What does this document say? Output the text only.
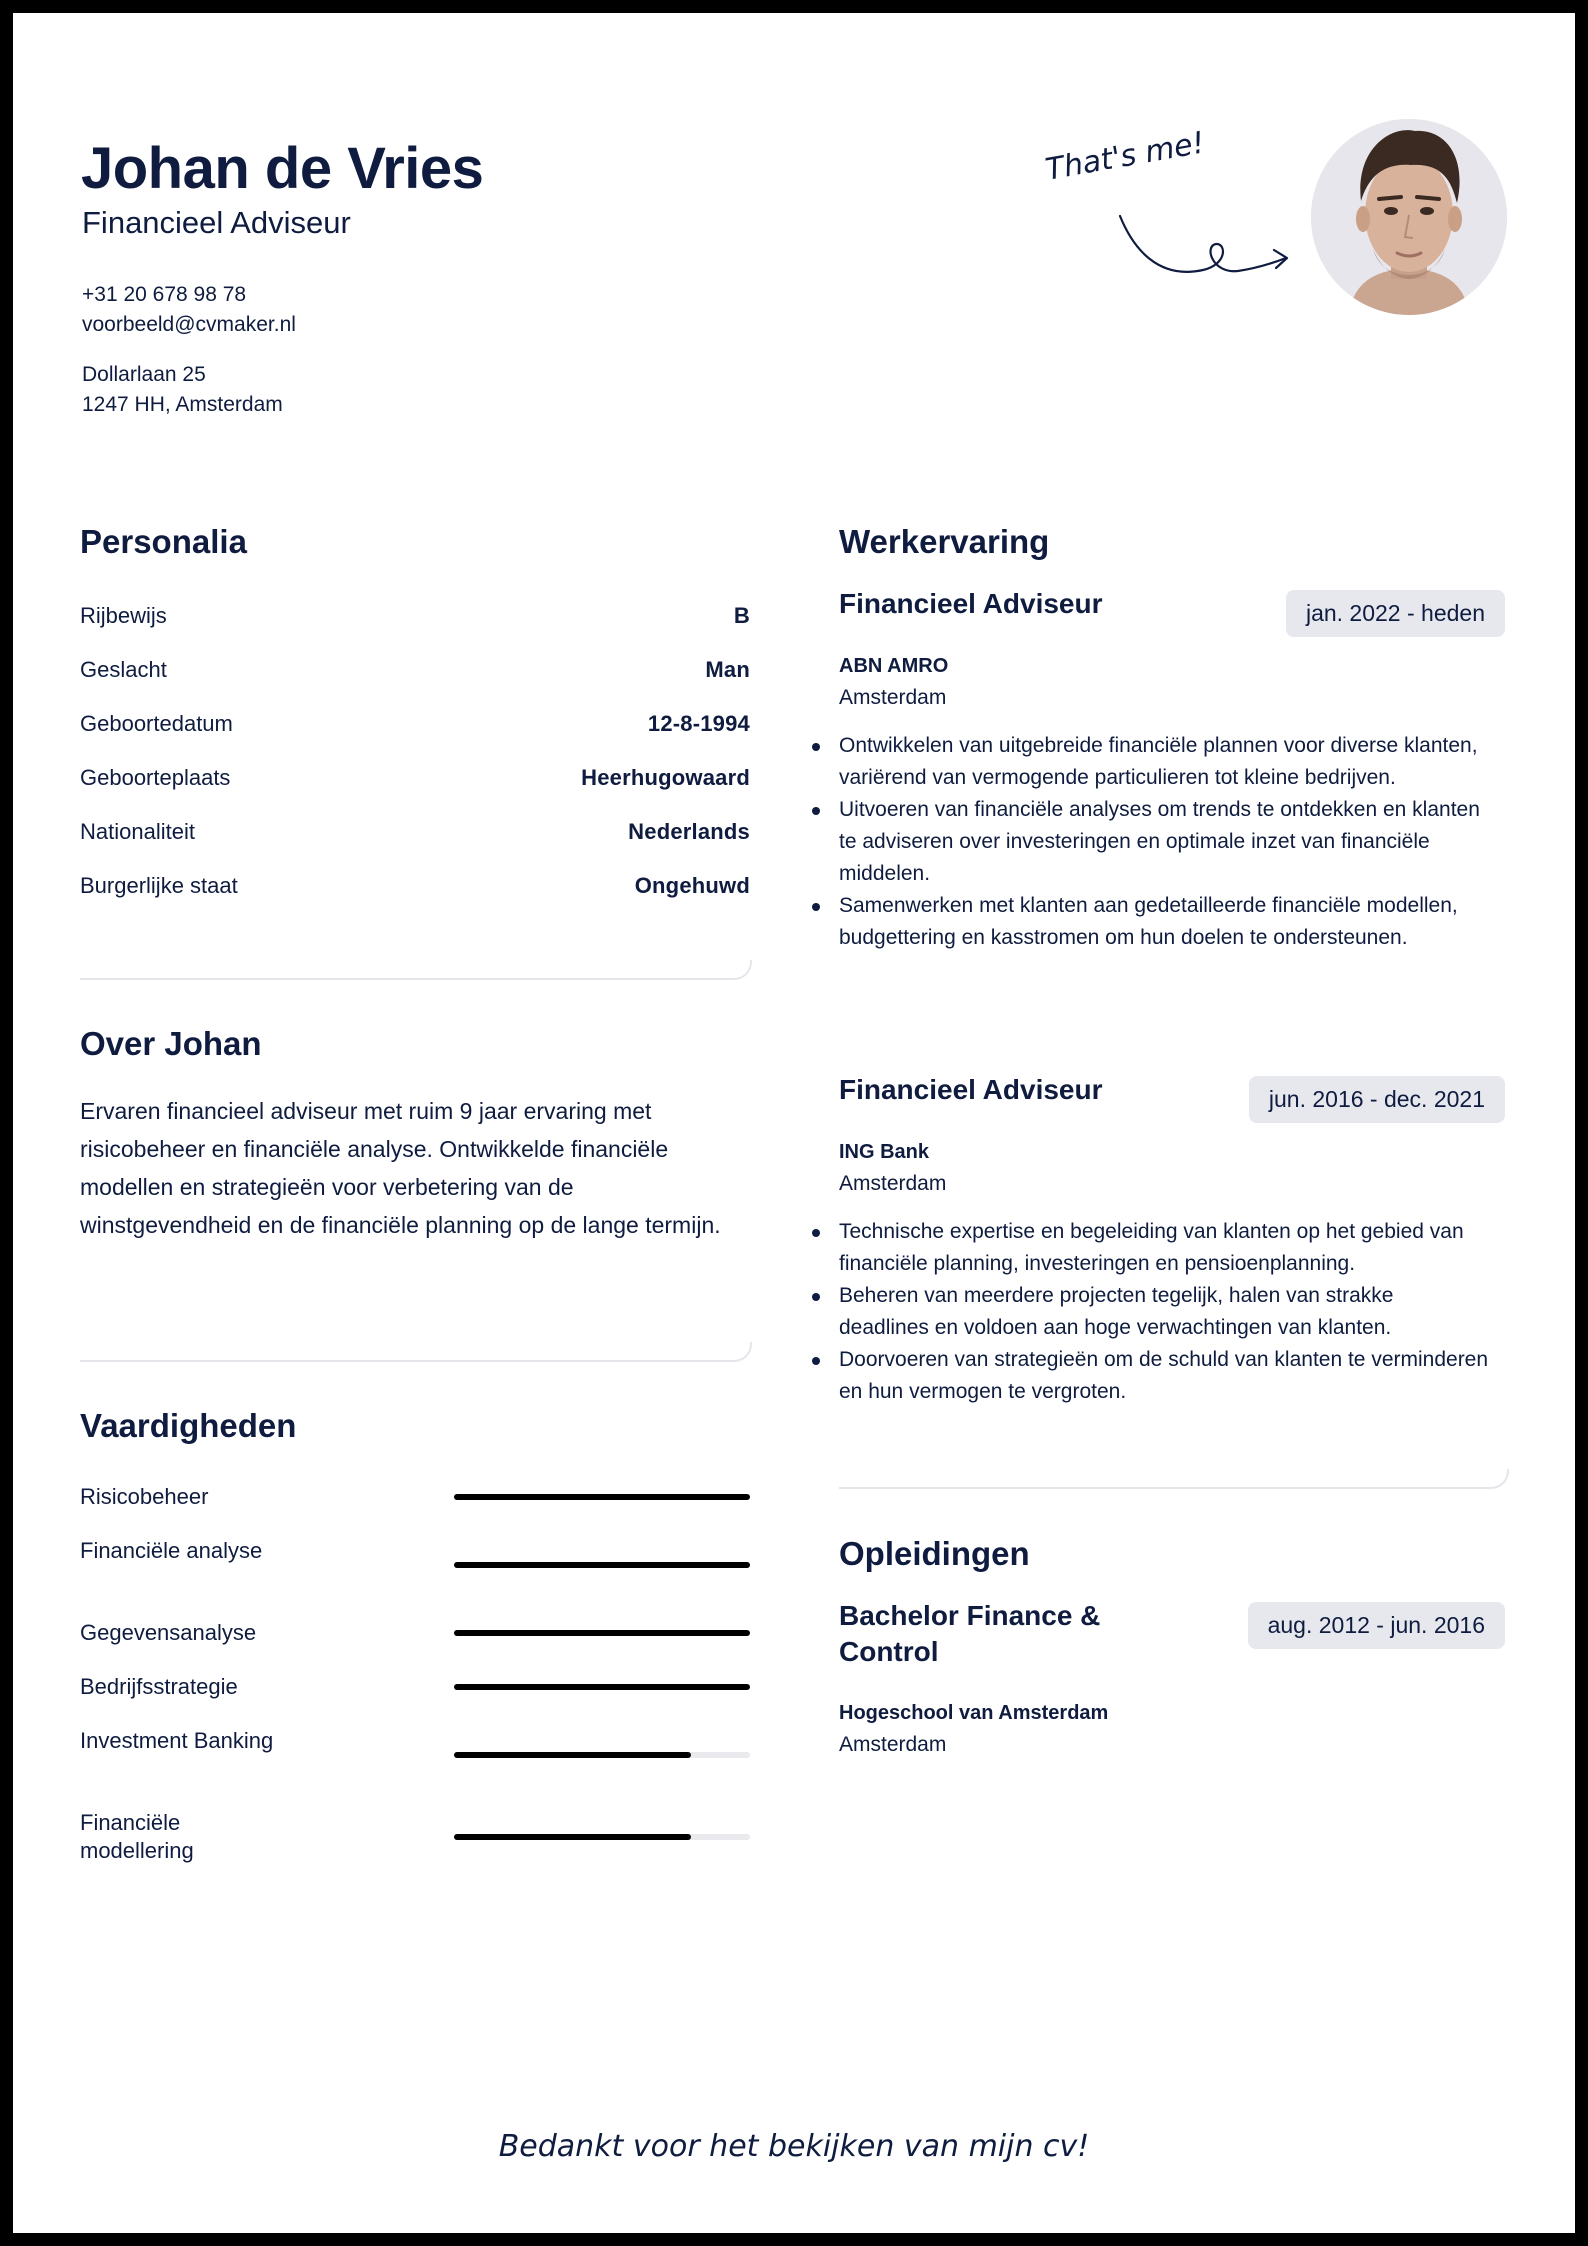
Johan de Vries
Financieel Adviseur
+31 20 678 98 78
voorbeeld@cvmaker.nl
Dollarlaan 25
1247 HH, Amsterdam
That's me!
Personalia
Rijbewijs	B
Geslacht	Man
Geboortedatum	12-8-1994
Geboorteplaats	Heerhugowaard
Nationaliteit	Nederlands
Burgerlijke staat	Ongehuwd
Over Johan
Ervaren financieel adviseur met ruim 9 jaar ervaring met risicobeheer en financiële analyse. Ontwikkelde financiële modellen en strategieën voor verbetering van de winstgevendheid en de financiële planning op de lange termijn.
Vaardigheden
Risicobeheer
Financiële analyse
Gegevensanalyse
Bedrijfsstrategie
Investment Banking
Financiële modellering
Werkervaring
Financieel Adviseur	jan. 2022 - heden
ABN AMRO
Amsterdam
Ontwikkelen van uitgebreide financiële plannen voor diverse klanten, variërend van vermogende particulieren tot kleine bedrijven.
Uitvoeren van financiële analyses om trends te ontdekken en klanten te adviseren over investeringen en optimale inzet van financiële middelen.
Samenwerken met klanten aan gedetailleerde financiële modellen, budgettering en kasstromen om hun doelen te ondersteunen.
Financieel Adviseur	jun. 2016 - dec. 2021
ING Bank
Amsterdam
Technische expertise en begeleiding van klanten op het gebied van financiële planning, investeringen en pensioenplanning.
Beheren van meerdere projecten tegelijk, halen van strakke deadlines en voldoen aan hoge verwachtingen van klanten.
Doorvoeren van strategieën om de schuld van klanten te verminderen en hun vermogen te vergroten.
Opleidingen
Bachelor Finance &
Control
aug. 2012 - jun. 2016
Hogeschool van Amsterdam
Amsterdam
Bedankt voor het bekijken van mijn cv!
